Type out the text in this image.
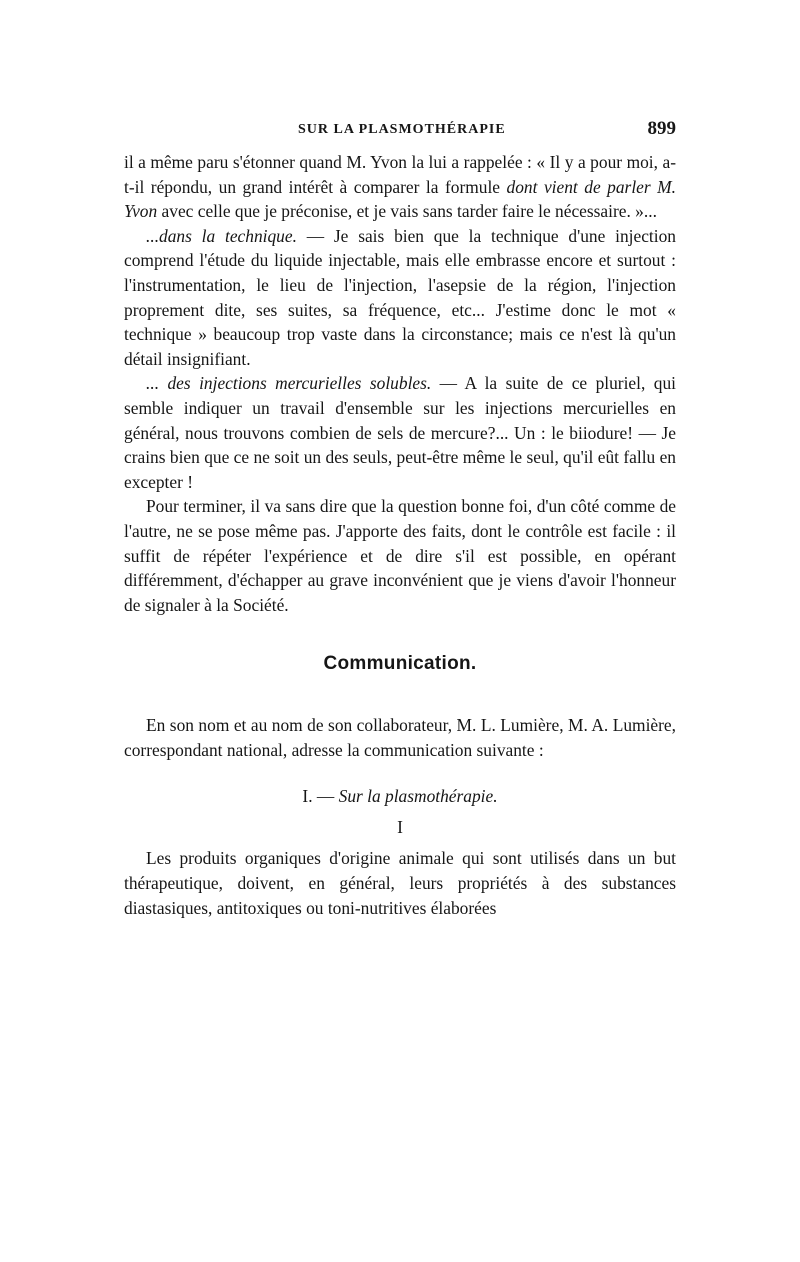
SUR LA PLASMOTHÉRAPIE	899

il a même paru s'étonner quand M. Yvon la lui a rappelée : « Il y a pour moi, a-t-il répondu, un grand intérêt à comparer la formule dont vient de parler M. Yvon avec celle que je préconise, et je vais sans tarder faire le nécessaire. »...

...dans la technique. — Je sais bien que la technique d'une injection comprend l'étude du liquide injectable, mais elle embrasse encore et surtout : l'instrumentation, le lieu de l'injection, l'asepsie de la région, l'injection proprement dite, ses suites, sa fréquence, etc... J'estime donc le mot « technique » beaucoup trop vaste dans la circonstance; mais ce n'est là qu'un détail insignifiant.

... des injections mercurielles solubles. — A la suite de ce pluriel, qui semble indiquer un travail d'ensemble sur les injections mercurielles en général, nous trouvons combien de sels de mercure?... Un : le biiodure! — Je crains bien que ce ne soit un des seuls, peut-être même le seul, qu'il eût fallu en excepter !

Pour terminer, il va sans dire que la question bonne foi, d'un côté comme de l'autre, ne se pose même pas. J'apporte des faits, dont le contrôle est facile : il suffit de répéter l'expérience et de dire s'il est possible, en opérant différemment, d'échapper au grave inconvénient que je viens d'avoir l'honneur de signaler à la Société.

Communication.

En son nom et au nom de son collaborateur, M. L. Lumière, M. A. Lumière, correspondant national, adresse la communication suivante :

I. — Sur la plasmothérapie.
I

Les produits organiques d'origine animale qui sont utilisés dans un but thérapeutique, doivent, en général, leurs propriétés à des substances diastasiques, antitoxiques ou toni-nutritives élaborées
